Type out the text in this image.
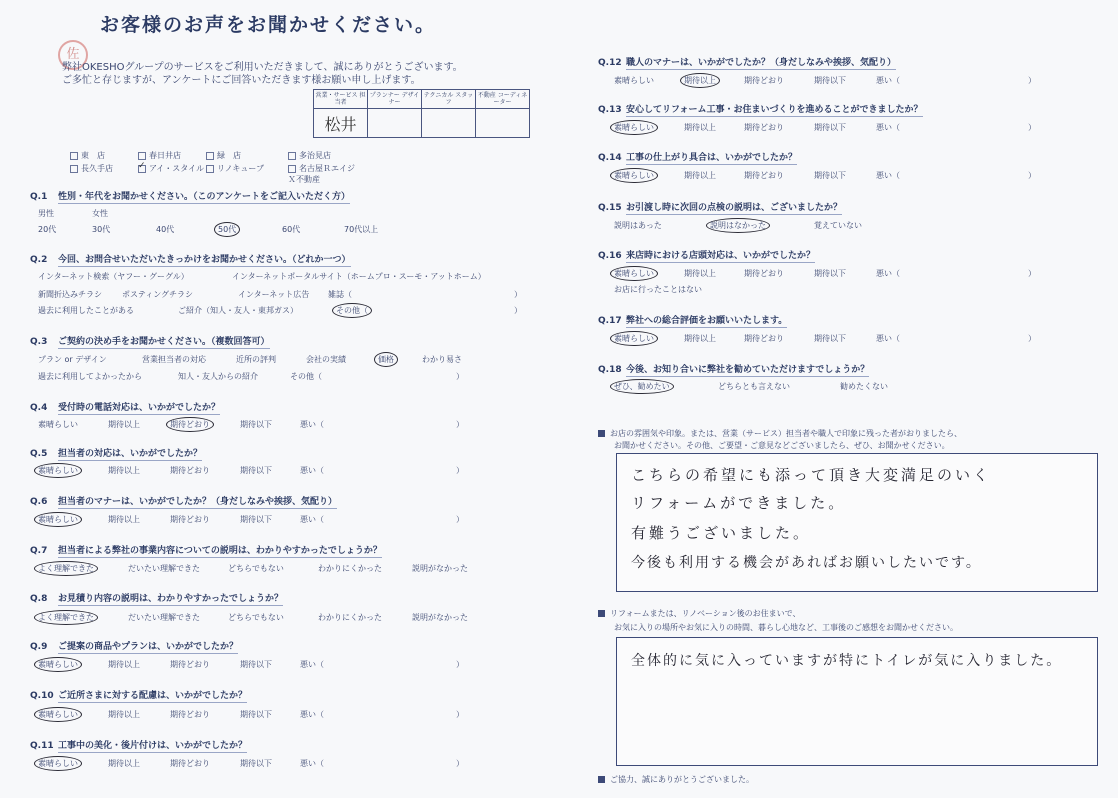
お客様のお声をお聞かせください。
佐
弊社OKESHOグループのサービスをご利用いただきまして、誠にありがとうございます。
ご多忙と存じますが、アンケートにご回答いただきます様お願い申し上げます。
営業・サービス 担当者	プランナー デザイナー	テクニカル スタッフ	不動産 コーディネーター
松井			
東　店	春日井店	緑　店	多治見店
長久手店 ✓	アイ・スタイル	リノキューブ	名古屋ＲエイジＸ不動産
Q.1 性別・年代をお聞かせください。（このアンケートをご記入いただく方）
男性	女性
20代	30代	40代	50代	60代	70代以上
Q.2 今回、お問合せいただいたきっかけをお聞かせください。（どれか一つ）
インターネット検索（ヤフー・グーグル）	インターネットポータルサイト（ホームプロ・スーモ・アットホーム）
新聞折込みチラシ	ポスティングチラシ	インターネット広告 雑誌（	）
過去に利用したことがある	ご紹介（知人・友人・東邦ガス）	その他（	）
Q.3 ご契約の決め手をお聞かせください。（複数回答可）
プラン or デザイン	営業担当者の対応	近所の評判	会社の実績	価格	わかり易さ
過去に利用してよかったから	知人・友人からの紹介	その他（	）
Q.4 受付時の電話対応は、いかがでしたか？
素晴らしい	期待以上	期待どおり	期待以下	悪い（	）
Q.5 担当者の対応は、いかがでしたか？
素晴らしい	期待以上	期待どおり	期待以下	悪い（	）
Q.6 担当者のマナーは、いかがでしたか？（身だしなみや挨拶、気配り）
素晴らしい	期待以上	期待どおり	期待以下	悪い（	）
Q.7 担当者による弊社の事業内容についての説明は、わかりやすかったでしょうか？
よく理解できた	だいたい理解できた	どちらでもない	わかりにくかった	説明がなかった
Q.8 お見積り内容の説明は、わかりやすかったでしょうか？
よく理解できた	だいたい理解できた	どちらでもない	わかりにくかった	説明がなかった
Q.9 ご提案の商品やプランは、いかがでしたか？
素晴らしい	期待以上	期待どおり	期待以下	悪い（	）
Q.10 ご近所さまに対する配慮は、いかがでしたか？
素晴らしい	期待以上	期待どおり	期待以下	悪い（	）
Q.11 工事中の美化・後片付けは、いかがでしたか？
素晴らしい	期待以上	期待どおり	期待以下	悪い（	）
Q.12 職人のマナーは、いかがでしたか？（身だしなみや挨拶、気配り）
素晴らしい	期待以上	期待どおり	期待以下	悪い（	）
Q.13 安心してリフォーム工事・お住まいづくりを進めることができましたか？
素晴らしい	期待以上	期待どおり	期待以下	悪い（	）
Q.14 工事の仕上がり具合は、いかがでしたか？
素晴らしい	期待以上	期待どおり	期待以下	悪い（	）
Q.15 お引渡し時に次回の点検の説明は、ございましたか？
説明はあった	説明はなかった	覚えていない
Q.16 来店時における店頭対応は、いかがでしたか？
素晴らしい	期待以上	期待どおり	期待以下	悪い（	）
お店に行ったことはない
Q.17 弊社への総合評価をお願いいたします。
素晴らしい	期待以上	期待どおり	期待以下	悪い（	）
Q.18 今後、お知り合いに弊社を勧めていただけますでしょうか？
ぜひ、勧めたい	どちらとも言えない	勧めたくない
お店の雰囲気や印象。または、営業（サービス）担当者や職人で印象に残った者がおりましたら、
お聞かせください。その他、ご要望・ご意見などございましたら、ぜひ、お聞かせください。
こちらの希望にも添って頂き大変満足のいく
リフォームができました。
有難うございました。
今後も利用する機会があればお願いしたいです。
リフォームまたは、リノベーション後のお住まいで、
お気に入りの場所やお気に入りの時間、暮らし心地など、工事後のご感想をお聞かせください。
全体的に気に入っていますが特にトイレが気に入りました。
ご協力、誠にありがとうございました。
